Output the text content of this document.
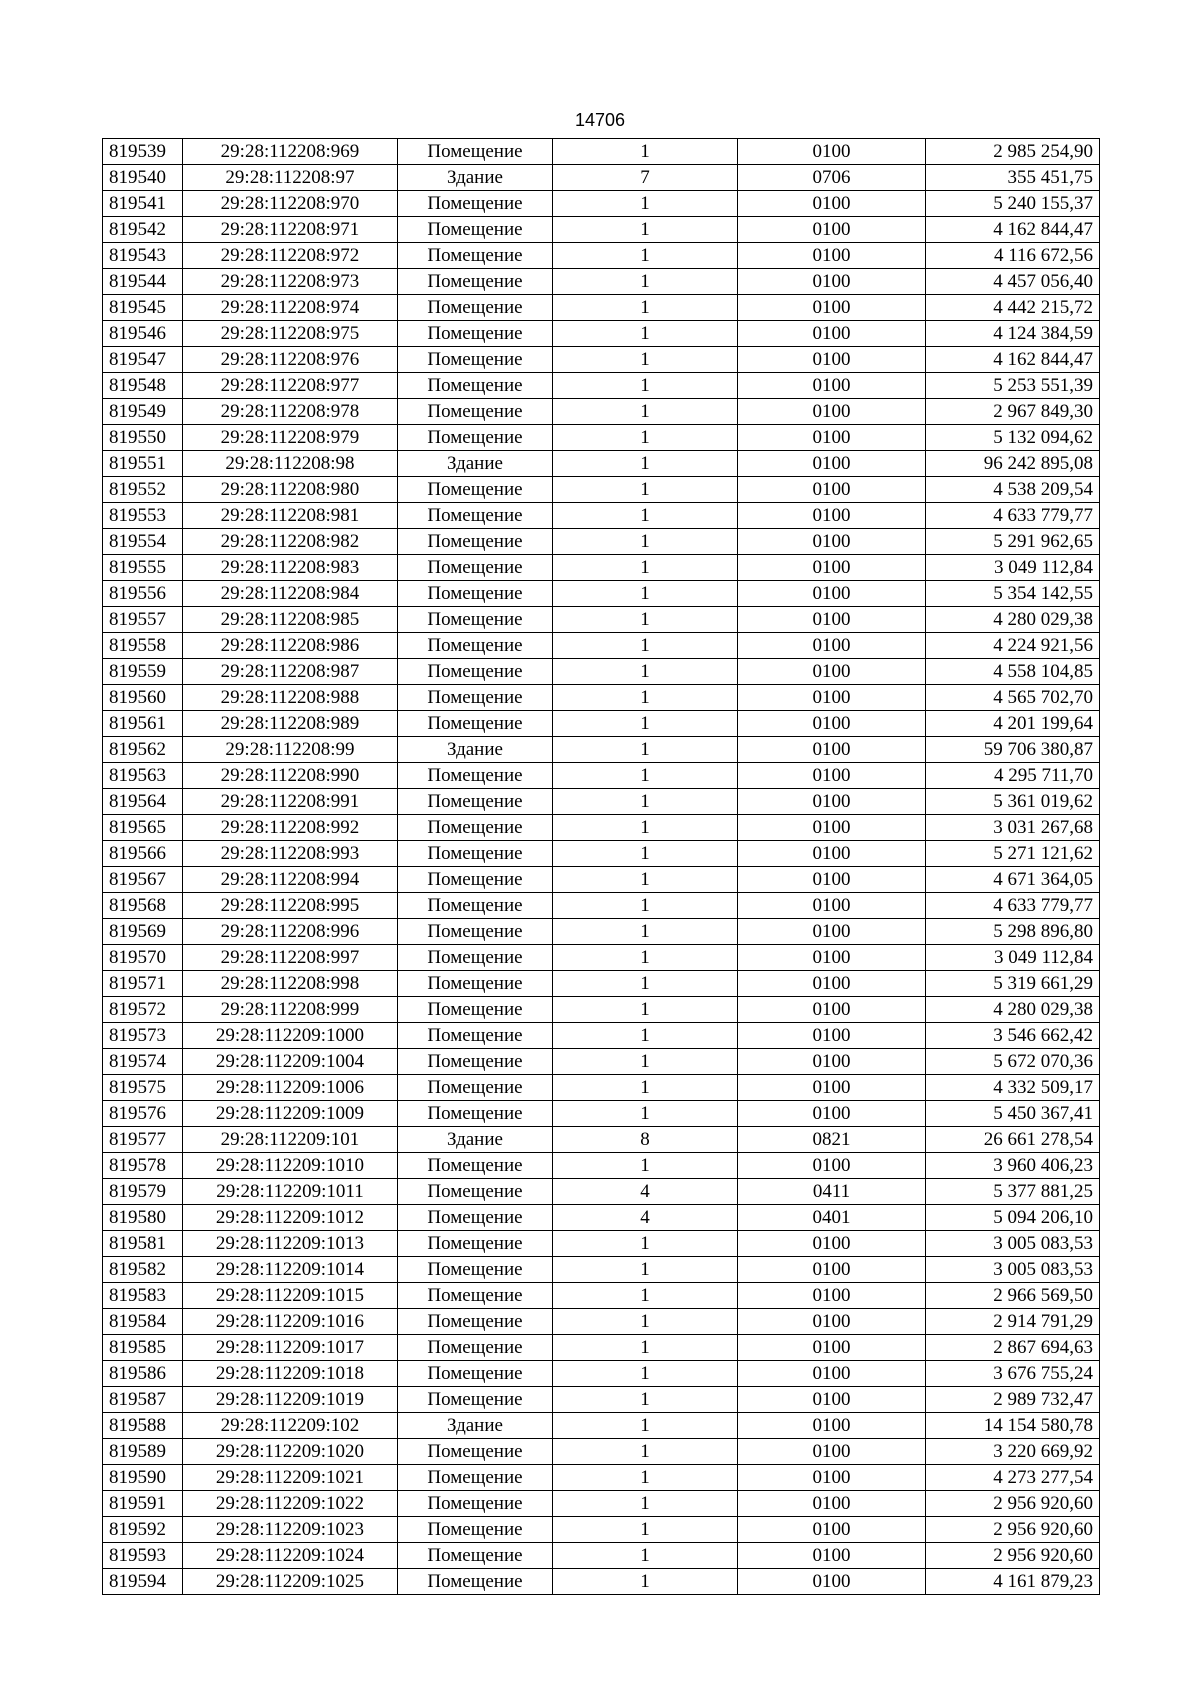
14706
819539	29:28:112208:969	Помещение	1	0100	2 985 254,90
819540	29:28:112208:97	Здание	7	0706	355 451,75
819541	29:28:112208:970	Помещение	1	0100	5 240 155,37
819542	29:28:112208:971	Помещение	1	0100	4 162 844,47
819543	29:28:112208:972	Помещение	1	0100	4 116 672,56
819544	29:28:112208:973	Помещение	1	0100	4 457 056,40
819545	29:28:112208:974	Помещение	1	0100	4 442 215,72
819546	29:28:112208:975	Помещение	1	0100	4 124 384,59
819547	29:28:112208:976	Помещение	1	0100	4 162 844,47
819548	29:28:112208:977	Помещение	1	0100	5 253 551,39
819549	29:28:112208:978	Помещение	1	0100	2 967 849,30
819550	29:28:112208:979	Помещение	1	0100	5 132 094,62
819551	29:28:112208:98	Здание	1	0100	96 242 895,08
819552	29:28:112208:980	Помещение	1	0100	4 538 209,54
819553	29:28:112208:981	Помещение	1	0100	4 633 779,77
819554	29:28:112208:982	Помещение	1	0100	5 291 962,65
819555	29:28:112208:983	Помещение	1	0100	3 049 112,84
819556	29:28:112208:984	Помещение	1	0100	5 354 142,55
819557	29:28:112208:985	Помещение	1	0100	4 280 029,38
819558	29:28:112208:986	Помещение	1	0100	4 224 921,56
819559	29:28:112208:987	Помещение	1	0100	4 558 104,85
819560	29:28:112208:988	Помещение	1	0100	4 565 702,70
819561	29:28:112208:989	Помещение	1	0100	4 201 199,64
819562	29:28:112208:99	Здание	1	0100	59 706 380,87
819563	29:28:112208:990	Помещение	1	0100	4 295 711,70
819564	29:28:112208:991	Помещение	1	0100	5 361 019,62
819565	29:28:112208:992	Помещение	1	0100	3 031 267,68
819566	29:28:112208:993	Помещение	1	0100	5 271 121,62
819567	29:28:112208:994	Помещение	1	0100	4 671 364,05
819568	29:28:112208:995	Помещение	1	0100	4 633 779,77
819569	29:28:112208:996	Помещение	1	0100	5 298 896,80
819570	29:28:112208:997	Помещение	1	0100	3 049 112,84
819571	29:28:112208:998	Помещение	1	0100	5 319 661,29
819572	29:28:112208:999	Помещение	1	0100	4 280 029,38
819573	29:28:112209:1000	Помещение	1	0100	3 546 662,42
819574	29:28:112209:1004	Помещение	1	0100	5 672 070,36
819575	29:28:112209:1006	Помещение	1	0100	4 332 509,17
819576	29:28:112209:1009	Помещение	1	0100	5 450 367,41
819577	29:28:112209:101	Здание	8	0821	26 661 278,54
819578	29:28:112209:1010	Помещение	1	0100	3 960 406,23
819579	29:28:112209:1011	Помещение	4	0411	5 377 881,25
819580	29:28:112209:1012	Помещение	4	0401	5 094 206,10
819581	29:28:112209:1013	Помещение	1	0100	3 005 083,53
819582	29:28:112209:1014	Помещение	1	0100	3 005 083,53
819583	29:28:112209:1015	Помещение	1	0100	2 966 569,50
819584	29:28:112209:1016	Помещение	1	0100	2 914 791,29
819585	29:28:112209:1017	Помещение	1	0100	2 867 694,63
819586	29:28:112209:1018	Помещение	1	0100	3 676 755,24
819587	29:28:112209:1019	Помещение	1	0100	2 989 732,47
819588	29:28:112209:102	Здание	1	0100	14 154 580,78
819589	29:28:112209:1020	Помещение	1	0100	3 220 669,92
819590	29:28:112209:1021	Помещение	1	0100	4 273 277,54
819591	29:28:112209:1022	Помещение	1	0100	2 956 920,60
819592	29:28:112209:1023	Помещение	1	0100	2 956 920,60
819593	29:28:112209:1024	Помещение	1	0100	2 956 920,60
819594	29:28:112209:1025	Помещение	1	0100	4 161 879,23
